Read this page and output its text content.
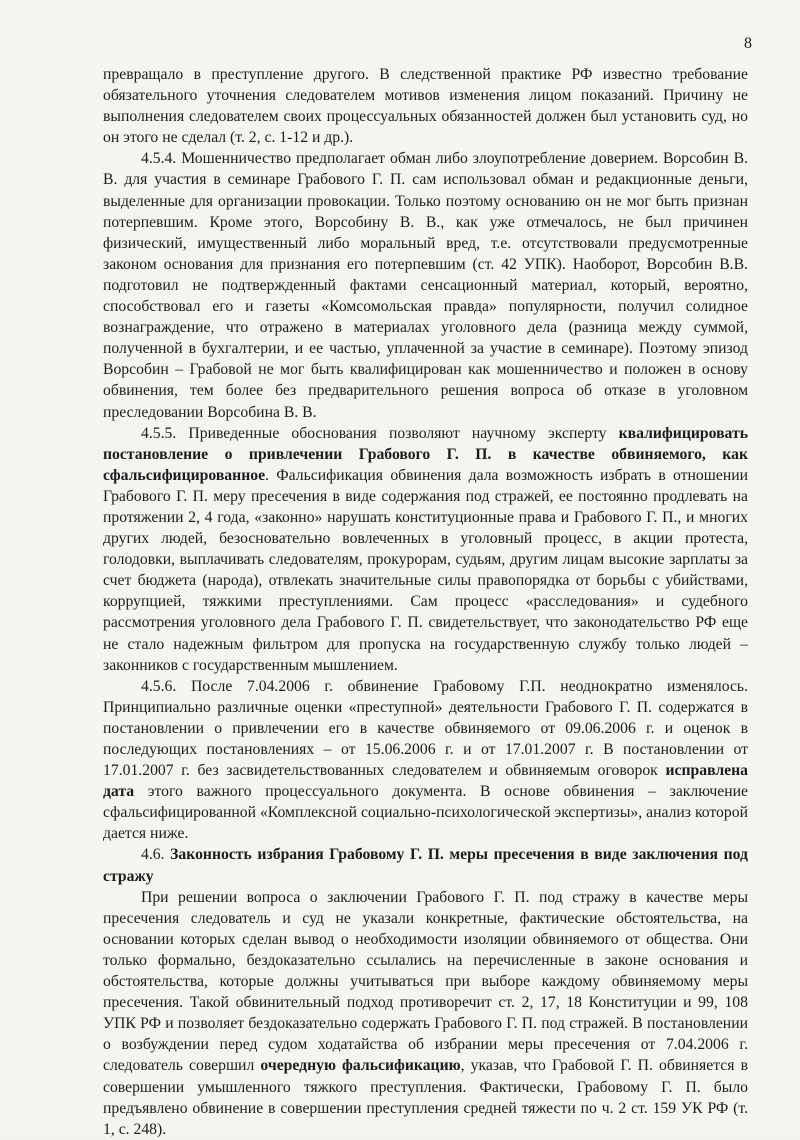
8

превращало в преступление другого. В следственной практике РФ известно требование обязательного уточнения следователем мотивов изменения лицом показаний. Причину не выполнения следователем своих процессуальных обязанностей должен был установить суд, но он этого не сделал (т. 2, с. 1-12 и др.).

4.5.4. Мошенничество предполагает обман либо злоупотребление доверием. Ворсобин В. В. для участия в семинаре Грабового Г. П. сам использовал обман и редакционные деньги, выделенные для организации провокации. Только поэтому основанию он не мог быть признан потерпевшим. Кроме этого, Ворсобину В. В., как уже отмечалось, не был причинен физический, имущественный либо моральный вред, т.е. отсутствовали предусмотренные законом основания для признания его потерпевшим (ст. 42 УПК). Наоборот, Ворсобин В.В. подготовил не подтвержденный фактами сенсационный материал, который, вероятно, способствовал его и газеты «Комсомольская правда» популярности, получил солидное вознаграждение, что отражено в материалах уголовного дела (разница между суммой, полученной в бухгалтерии, и ее частью, уплаченной за участие в семинаре). Поэтому эпизод Ворсобин – Грабовой не мог быть квалифицирован как мошенничество и положен в основу обвинения, тем более без предварительного решения вопроса об отказе в уголовном преследовании Ворсобина В. В.

4.5.5. Приведенные обоснования позволяют научному эксперту квалифицировать постановление о привлечении Грабового Г. П. в качестве обвиняемого, как сфальсифицированное. Фальсификация обвинения дала возможность избрать в отношении Грабового Г. П. меру пресечения в виде содержания под стражей, ее постоянно продлевать на протяжении 2, 4 года, «законно» нарушать конституционные права и Грабового Г. П., и многих других людей, безосновательно вовлеченных в уголовный процесс, в акции протеста, голодовки, выплачивать следователям, прокурорам, судьям, другим лицам высокие зарплаты за счет бюджета (народа), отвлекать значительные силы правопорядка от борьбы с убийствами, коррупцией, тяжкими преступлениями. Сам процесс «расследования» и судебного рассмотрения уголовного дела Грабового Г. П. свидетельствует, что законодательство РФ еще не стало надежным фильтром для пропуска на государственную службу только людей – законников с государственным мышлением.

4.5.6. После 7.04.2006 г. обвинение Грабовому Г.П. неоднократно изменялось. Принципиально различные оценки «преступной» деятельности Грабового Г. П. содержатся в постановлении о привлечении его в качестве обвиняемого от 09.06.2006 г. и оценок в последующих постановлениях – от 15.06.2006 г. и от 17.01.2007 г. В постановлении от 17.01.2007 г. без засвидетельствованных следователем и обвиняемым оговорок исправлена дата этого важного процессуального документа. В основе обвинения – заключение сфальсифицированной «Комплексной социально-психологической экспертизы», анализ которой дается ниже.

4.6. Законность избрания Грабовому Г. П. меры пресечения в виде заключения под стражу

При решении вопроса о заключении Грабового Г. П. под стражу в качестве меры пресечения следователь и суд не указали конкретные, фактические обстоятельства, на основании которых сделан вывод о необходимости изоляции обвиняемого от общества. Они только формально, бездоказательно ссылались на перечисленные в законе основания и обстоятельства, которые должны учитываться при выборе каждому обвиняемому меры пресечения. Такой обвинительный подход противоречит ст. 2, 17, 18 Конституции и 99, 108 УПК РФ и позволяет бездоказательно содержать Грабового Г. П. под стражей. В постановлении о возбуждении перед судом ходатайства об избрании меры пресечения от 7.04.2006 г. следователь совершил очередную фальсификацию, указав, что Грабовой Г. П. обвиняется в совершении умышленного тяжкого преступления. Фактически, Грабовому Г. П. было предъявлено обвинение в совершении преступления средней тяжести по ч. 2 ст. 159 УК РФ (т. 1, с. 248).
